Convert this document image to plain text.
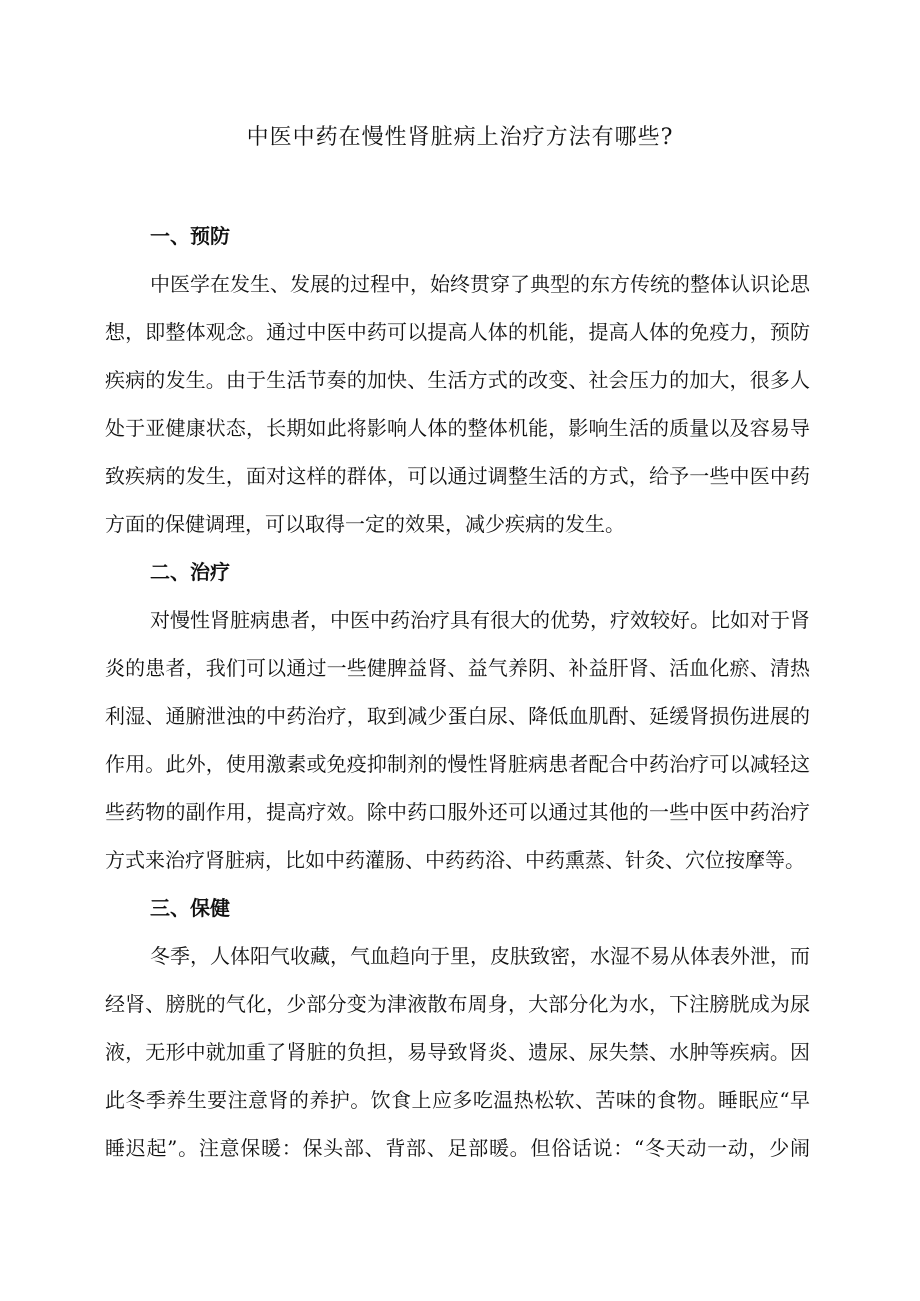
中医中药在慢性肾脏病上治疗方法有哪些?
一、预防
中医学在发生、发展的过程中，始终贯穿了典型的东方传统的整体认识论思
想，即整体观念。通过中医中药可以提高人体的机能，提高人体的免疫力，预防
疾病的发生。由于生活节奏的加快、生活方式的改变、社会压力的加大，很多人
处于亚健康状态，长期如此将影响人体的整体机能，影响生活的质量以及容易导
致疾病的发生，面对这样的群体，可以通过调整生活的方式，给予一些中医中药
方面的保健调理，可以取得一定的效果，减少疾病的发生。
二、治疗
对慢性肾脏病患者，中医中药治疗具有很大的优势，疗效较好。比如对于肾
炎的患者，我们可以通过一些健脾益肾、益气养阴、补益肝肾、活血化瘀、清热
利湿、通腑泄浊的中药治疗，取到减少蛋白尿、降低血肌酎、延缓肾损伤进展的
作用。此外，使用激素或免疫抑制剂的慢性肾脏病患者配合中药治疗可以减轻这
些药物的副作用，提高疗效。除中药口服外还可以通过其他的一些中医中药治疗
方式来治疗肾脏病，比如中药灌肠、中药药浴、中药熏蒸、针灸、穴位按摩等。
三、保健
冬季，人体阳气收藏，气血趋向于里，皮肤致密，水湿不易从体表外泄，而
经肾、膀胱的气化，少部分变为津液散布周身，大部分化为水，下注膀胱成为尿
液，无形中就加重了肾脏的负担，易导致肾炎、遗尿、尿失禁、水肿等疾病。因
此冬季养生要注意肾的养护。饮食上应多吃温热松软、苦味的食物。睡眠应“早
睡迟起”。注意保暖：保头部、背部、足部暖。但俗话说：“冬天动一动，少闹
